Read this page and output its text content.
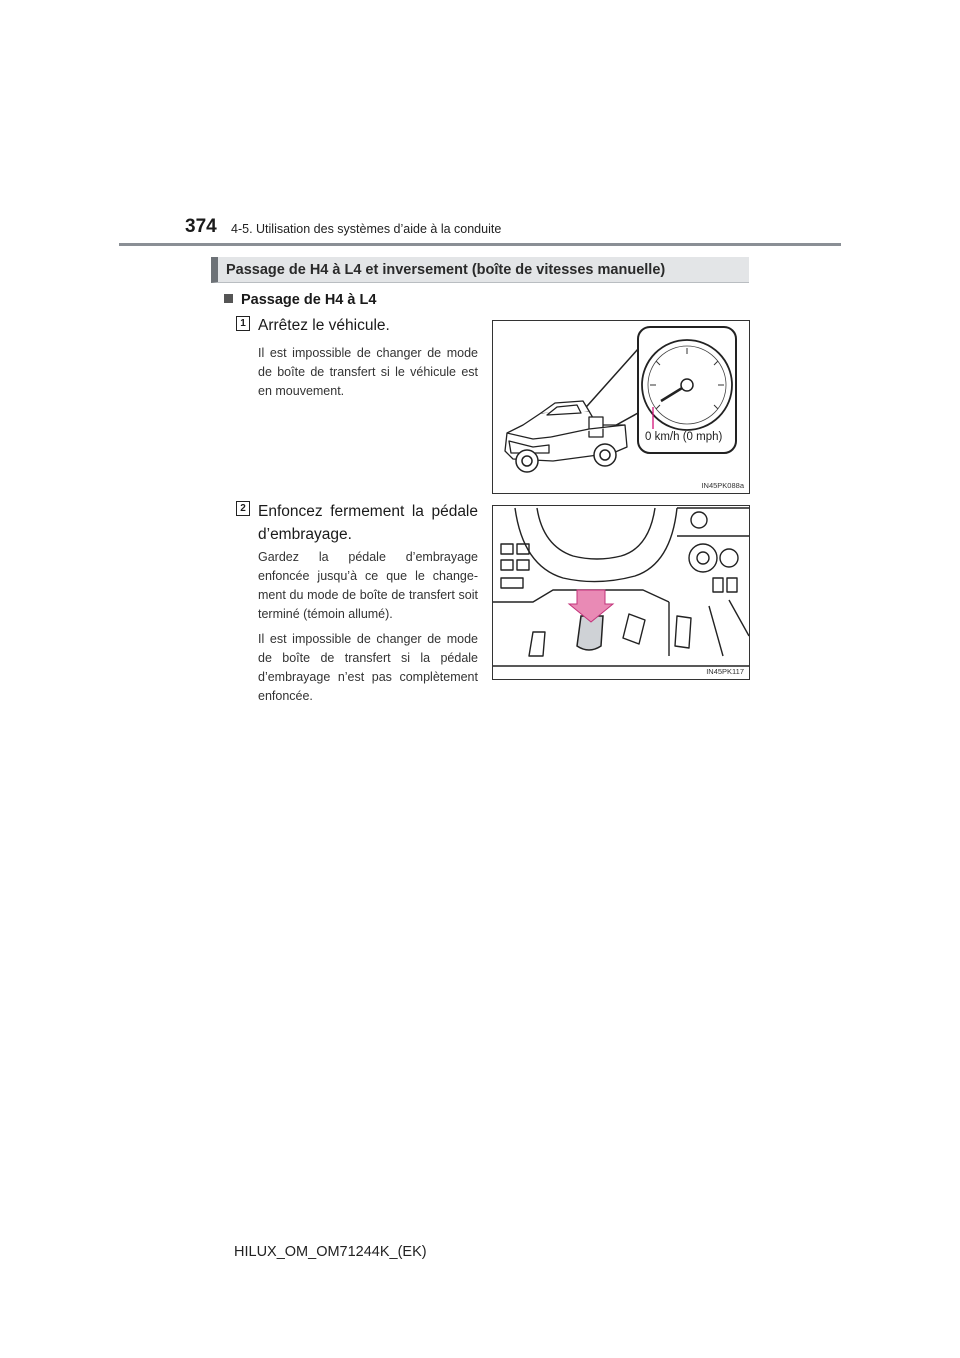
374 4-5. Utilisation des systèmes d’aide à la conduite
Passage de H4 à L4 et inversement (boîte de vitesses manuelle)
Passage de H4 à L4
1 Arrêtez le véhicule.
Il est impossible de changer de mode de boîte de transfert si le véhicule est en mouvement.
0 km/h (0 mph)
IN45PK088a
2 Enfoncez fermement la pédale d’embrayage.
Gardez la pédale d’embrayage enfoncée jusqu’à ce que le changement du mode de boîte de transfert soit terminé (témoin allumé).
Il est impossible de changer de mode de boîte de transfert si la pédale d’embrayage n’est pas complètement enfoncée.
IN45PK117
HILUX_OM_OM71244K_(EK)
